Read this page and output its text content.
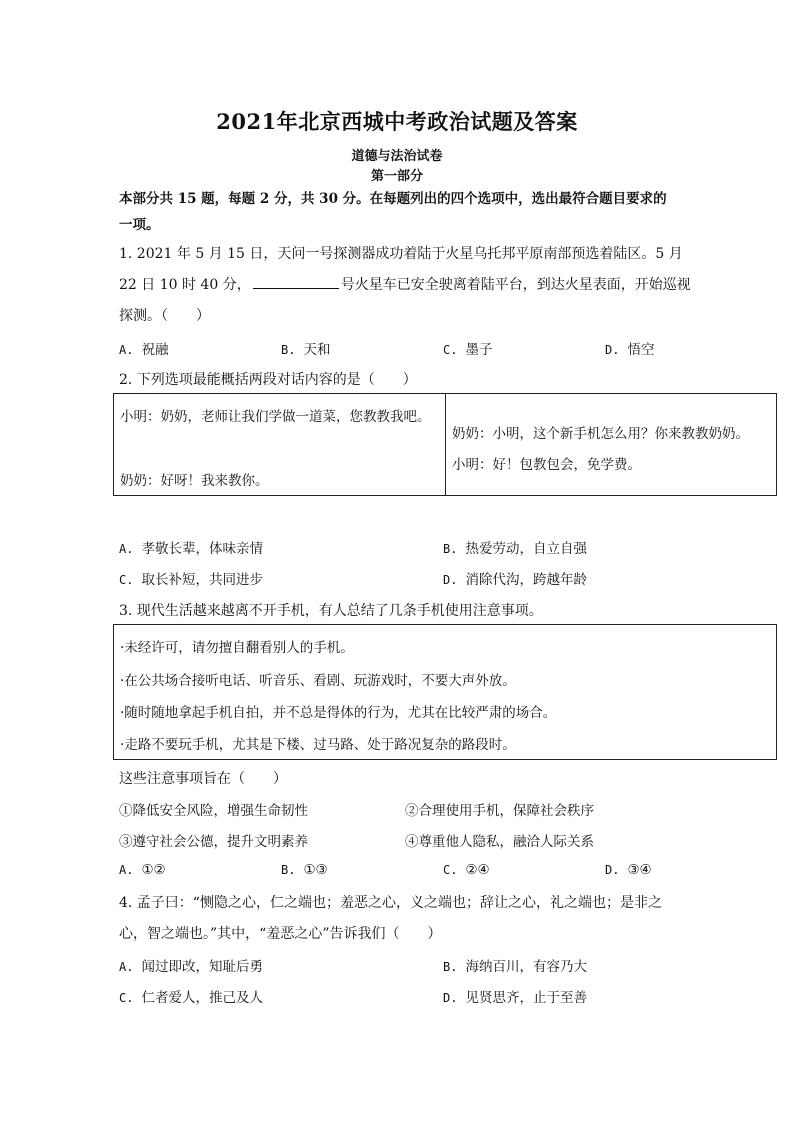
2021年北京西城中考政治试题及答案
道德与法治试卷
第一部分
本部分共 15 题，每题 2 分，共 30 分。在每题列出的四个选项中，选出最符合题目要求的一项。
1. 2021 年 5 月 15 日，天问一号探测器成功着陆于火星乌托邦平原南部预选着陆区。5 月
22 日 10 时 40 分，	号火星车已安全驶离着陆平台，到达火星表面，开始巡视
探测。（　　）
A. 祝融	B. 天和	C. 墨子	D. 悟空
2. 下列选项最能概括两段对话内容的是（　　）
小明：奶奶，老师让我们学做一道菜，您教教我吧。
奶奶：好呀！我来教你。
奶奶：小明，这个新手机怎么用？你来教教奶奶。
小明：好！包教包会，免学费。
A. 孝敬长辈，体味亲情	B. 热爱劳动，自立自强
C. 取长补短，共同进步	D. 消除代沟，跨越年龄
3. 现代生活越来越离不开手机，有人总结了几条手机使用注意事项。
·未经许可，请勿擅自翻看别人的手机。
·在公共场合接听电话、听音乐、看剧、玩游戏时，不要大声外放。
·随时随地拿起手机自拍，并不总是得体的行为，尤其在比较严肃的场合。
·走路不要玩手机，尤其是下楼、过马路、处于路况复杂的路段时。
这些注意事项旨在（　　）
①降低安全风险，增强生命韧性	②合理使用手机，保障社会秩序
③遵守社会公德，提升文明素养	④尊重他人隐私，融洽人际关系
A. ①②	B. ①③	C. ②④	D. ③④
4. 孟子曰：“恻隐之心，仁之端也；羞恶之心，义之端也；辞让之心，礼之端也；是非之
心，智之端也。”其中，“羞恶之心”告诉我们（　　）
A. 闻过即改，知耻后勇	B. 海纳百川，有容乃大
C. 仁者爱人，推己及人	D. 见贤思齐，止于至善
